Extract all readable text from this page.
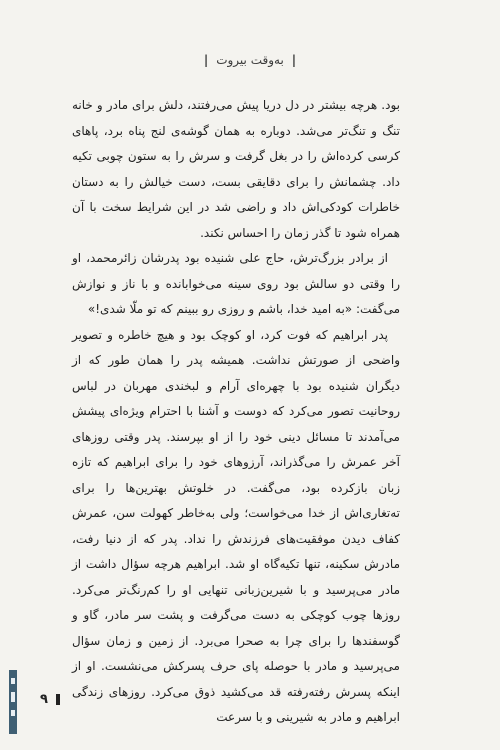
|به‌وقت بیروت|

بود. هرچه بیشتر در دل دریا پیش می‌رفتند، دلش برای مادر و خانه تنگ و تنگ‌تر می‌شد. دوباره به همان گوشه‌ی لنج پناه برد، پاهای کرسی کرده‌اش را در بغل گرفت و سرش را به ستون چوبی تکیه داد. چشمانش را برای دقایقی بست، دست خیالش را به دستان خاطرات کودکی‌اش داد و راضی شد در این شرایط سخت با آن همراه شود تا گذر زمان را احساس نکند.

از برادر بزرگ‌ترش، حاج علی شنیده بود پدرشان زائرمحمد، او را وقتی دو سالش بود روی سینه می‌خوابانده و با ناز و نوازش می‌گفت: «به امید خدا، باشم و روزی رو ببینم که تو ملّا شدی!»

پدر ابراهیم که فوت کرد، او کوچک بود و هیچ خاطره و تصویر واضحی از صورتش نداشت. همیشه پدر را همان طور که از دیگران شنیده بود با چهره‌ای آرام و لبخندی مهربان در لباس روحانیت تصور می‌کرد که دوست و آشنا با احترام ویژه‌ای پیشش می‌آمدند تا مسائل دینی خود را از او بپرسند. پدر وقتی روزهای آخر عمرش را می‌گذراند، آرزوهای خود را برای ابراهیم که تازه زبان بازکرده بود، می‌گفت. در خلوتش بهترین‌ها را برای ته‌تغاری‌اش از خدا می‌خواست؛ ولی به‌خاطر کهولت سن، عمرش کفاف دیدن موفقیت‌های فرزندش را نداد. پدر که از دنیا رفت، مادرش سکینه، تنها تکیه‌گاه او شد. ابراهیم هرچه سؤال داشت از مادر می‌پرسید و با شیرین‌زبانی تنهایی او را کم‌رنگ‌تر می‌کرد. روزها چوب کوچکی به دست می‌گرفت و پشت سر مادر، گاو و گوسفندها را برای چرا به صحرا می‌برد. از زمین و زمان سؤال می‌پرسید و مادر با حوصله پای حرف پسرکش می‌نشست. او از اینکه پسرش رفته‌رفته قد می‌کشید ذوق می‌کرد. روزهای زندگی ابراهیم و مادر به شیرینی و با سرعت

۹
